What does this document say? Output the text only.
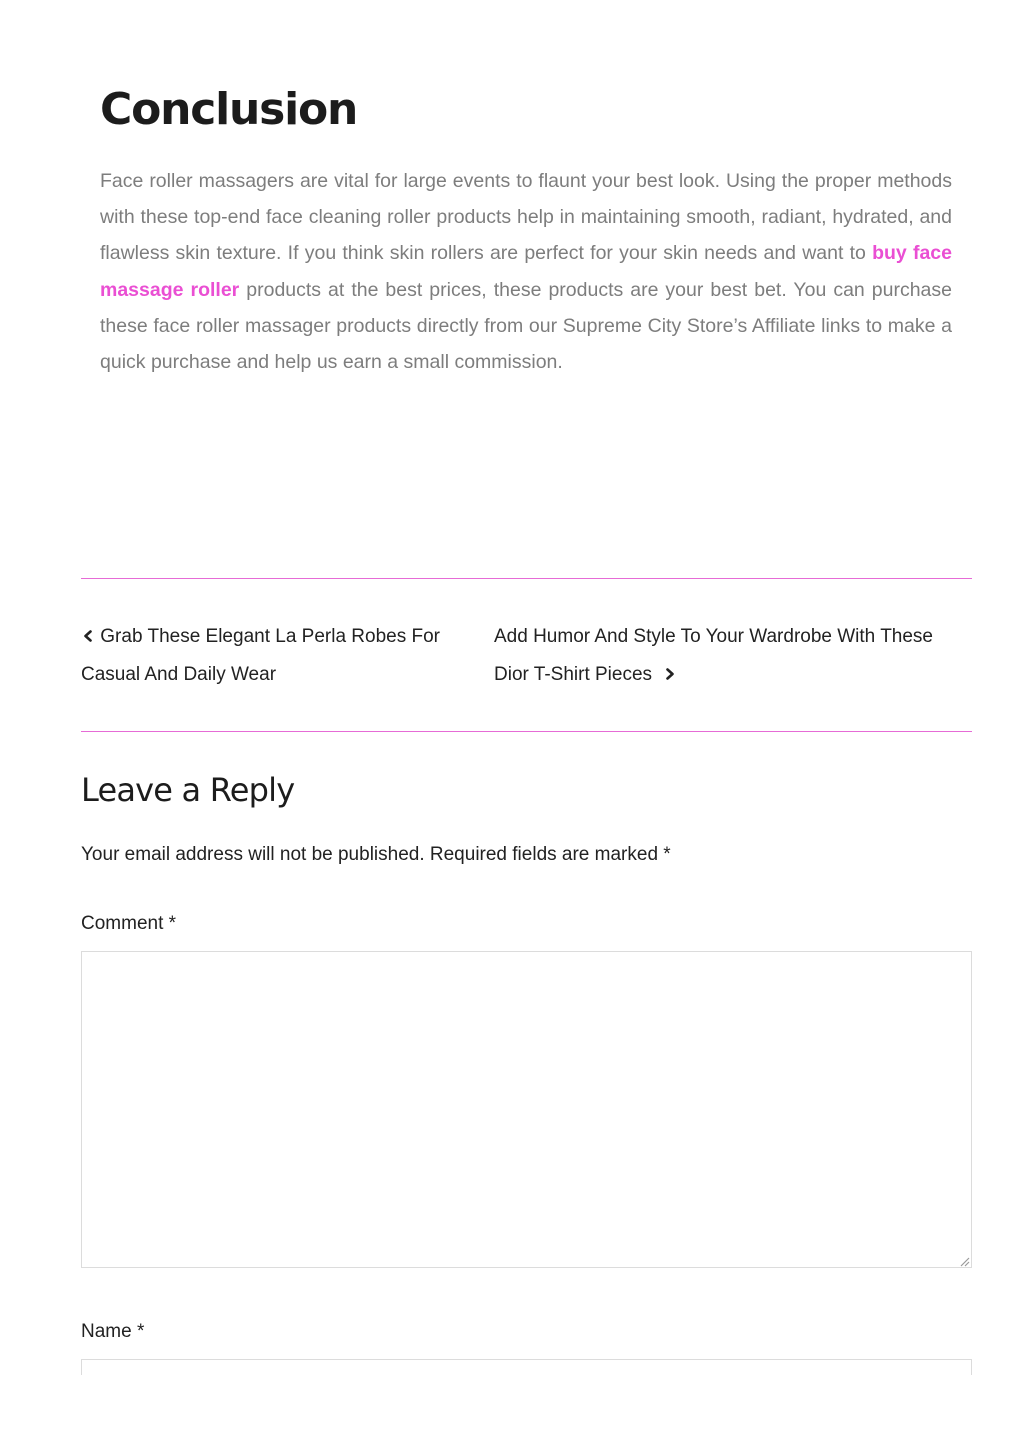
Conclusion

Face roller massagers are vital for large events to flaunt your best look. Using the proper methods with these top-end face cleaning roller products help in maintaining smooth, radiant, hydrated, and flawless skin texture. If you think skin rollers are perfect for your skin needs and want to buy face massage roller products at the best prices, these products are your best bet. You can purchase these face roller massager products directly from our Supreme City Store’s Affiliate links to make a quick purchase and help us earn a small commission.

Grab These Elegant La Perla Robes For Casual And Daily Wear
Add Humor And Style To Your Wardrobe With These Dior T-Shirt Pieces
Leave a Reply

Your email address will not be published. Required fields are marked *

Comment *
Name *
